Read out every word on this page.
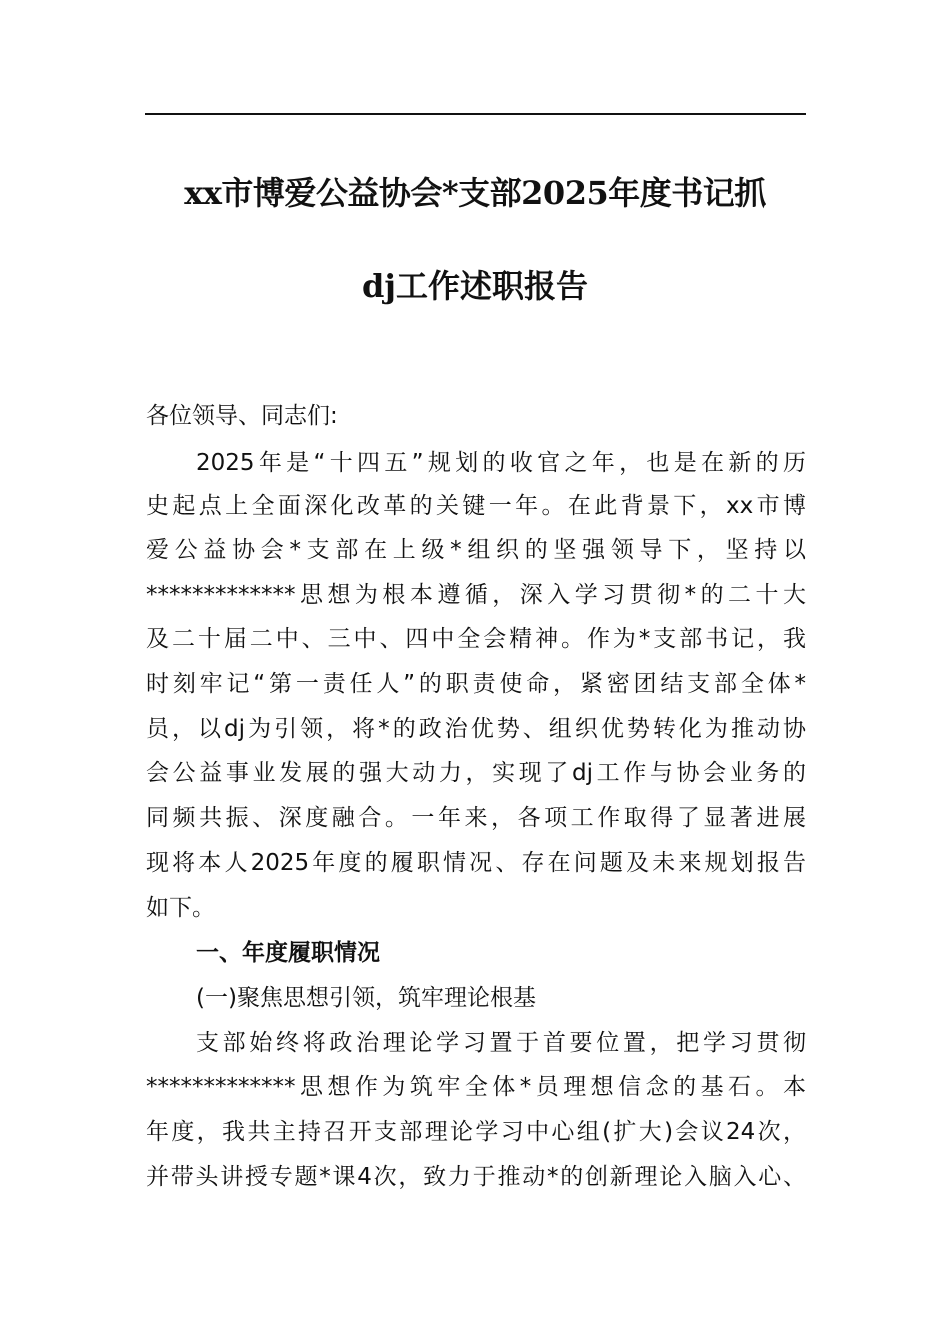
xx市博爱公益协会*支部2025年度书记抓
dj工作述职报告
各位领导、同志们:
2025年是“十四五”规划的收官之年，也是在新的历
史起点上全面深化改革的关键一年。在此背景下，xx市博
爱公益协会*支部在上级*组织的坚强领导下，坚持以
*************思想为根本遵循，深入学习贯彻*的二十大
及二十届二中、三中、四中全会精神。作为*支部书记，我
时刻牢记“第一责任人”的职责使命，紧密团结支部全体*
员，以dj为引领，将*的政治优势、组织优势转化为推动协
会公益事业发展的强大动力，实现了dj工作与协会业务的
同频共振、深度融合。一年来，各项工作取得了显著进展
现将本人2025年度的履职情况、存在问题及未来规划报告
如下。
一、年度履职情况
(一)聚焦思想引领，筑牢理论根基
支部始终将政治理论学习置于首要位置，把学习贯彻
*************思想作为筑牢全体*员理想信念的基石。本
年度，我共主持召开支部理论学习中心组(扩大)会议24次，
并带头讲授专题*课4次，致力于推动*的创新理论入脑入心、
